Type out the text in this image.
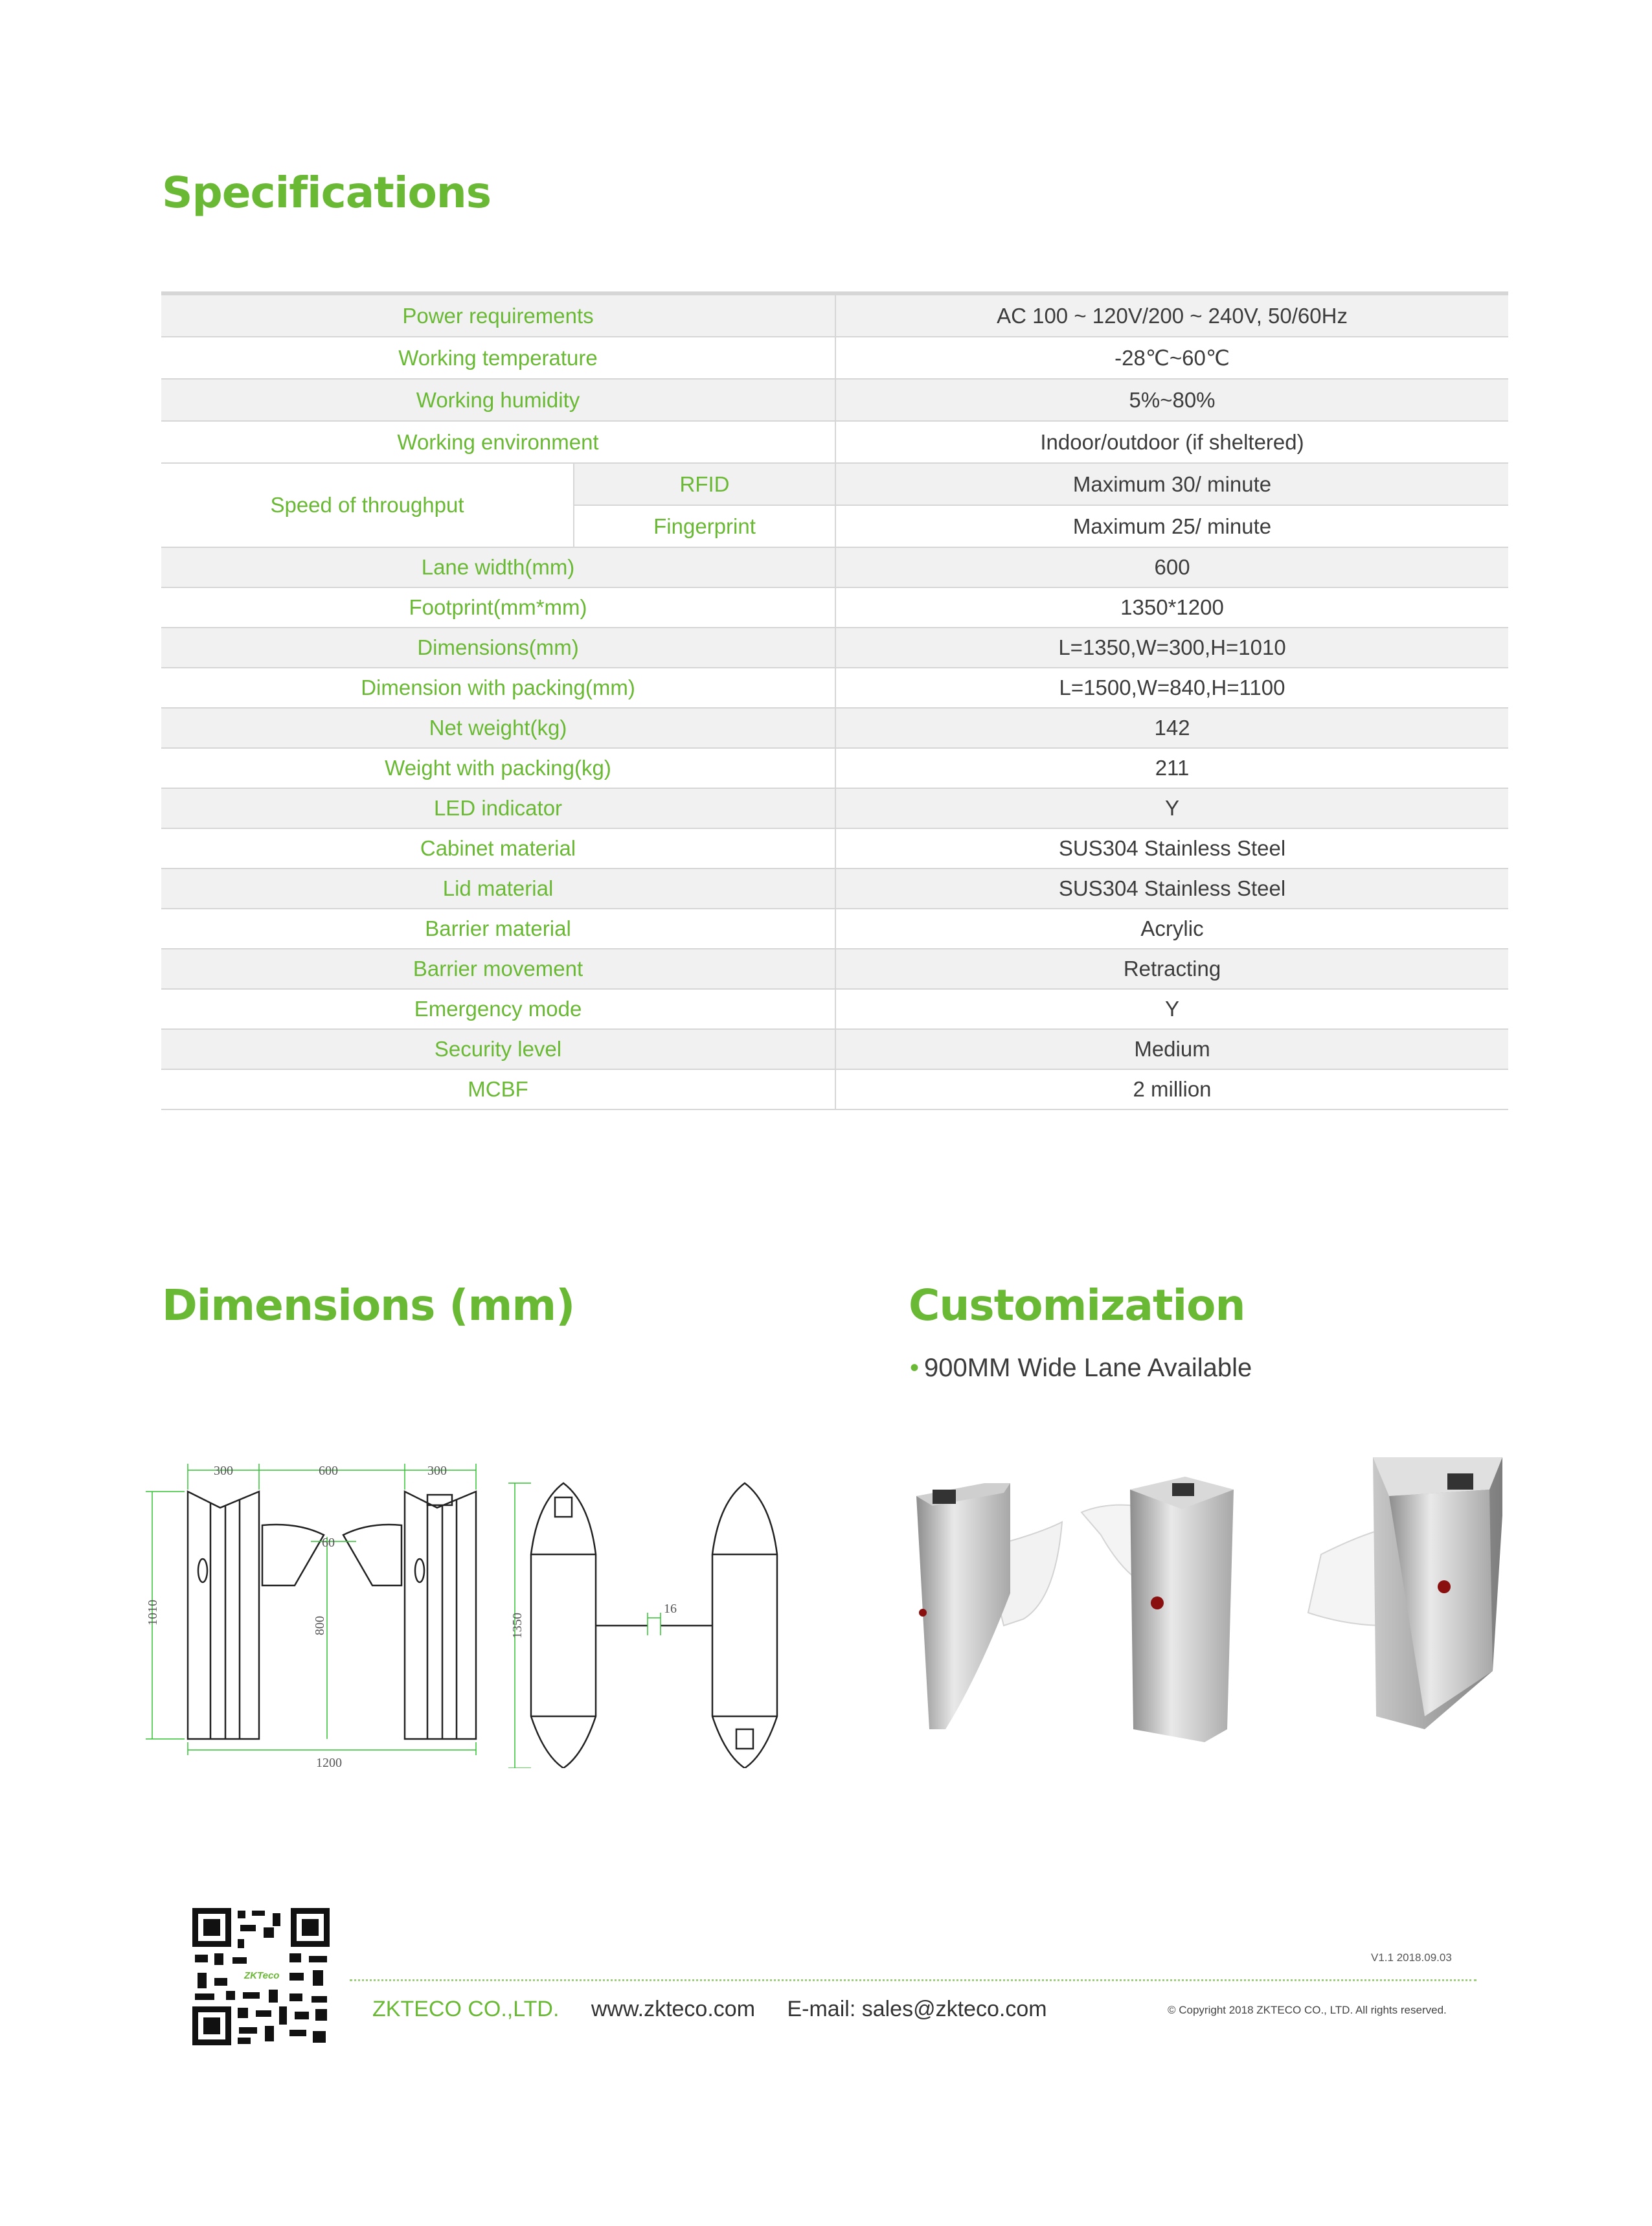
Specifications
Power requirements		AC 100 ~ 120V/200 ~ 240V, 50/60Hz
Working temperature		-28℃~60℃
Working humidity		5%~80%
Working environment		Indoor/outdoor (if sheltered)
Speed of throughput	RFID	Maximum 30/ minute
	Fingerprint	Maximum 25/ minute
Lane width(mm)		600
Footprint(mm*mm)		1350*1200
Dimensions(mm)		L=1350,W=300,H=1010
Dimension with packing(mm)		L=1500,W=840,H=1100
Net weight(kg)		142
Weight with packing(kg)		211
LED indicator		Y
Cabinet material		SUS304 Stainless Steel
Lid material		SUS304 Stainless Steel
Barrier material		Acrylic
Barrier movement		Retracting
Emergency mode		Y
Security level		Medium
MCBF		2 million
Dimensions (mm)	Customization
• 900MM Wide Lane Available
300	600	300
60
1010	800
1200
1350
16
ZKTeco
V1.1 2018.09.03
ZKTECO CO.,LTD. www.zkteco.com E-mail: sales@zkteco.com	© Copyright 2018 ZKTECO CO., LTD. All rights reserved.
